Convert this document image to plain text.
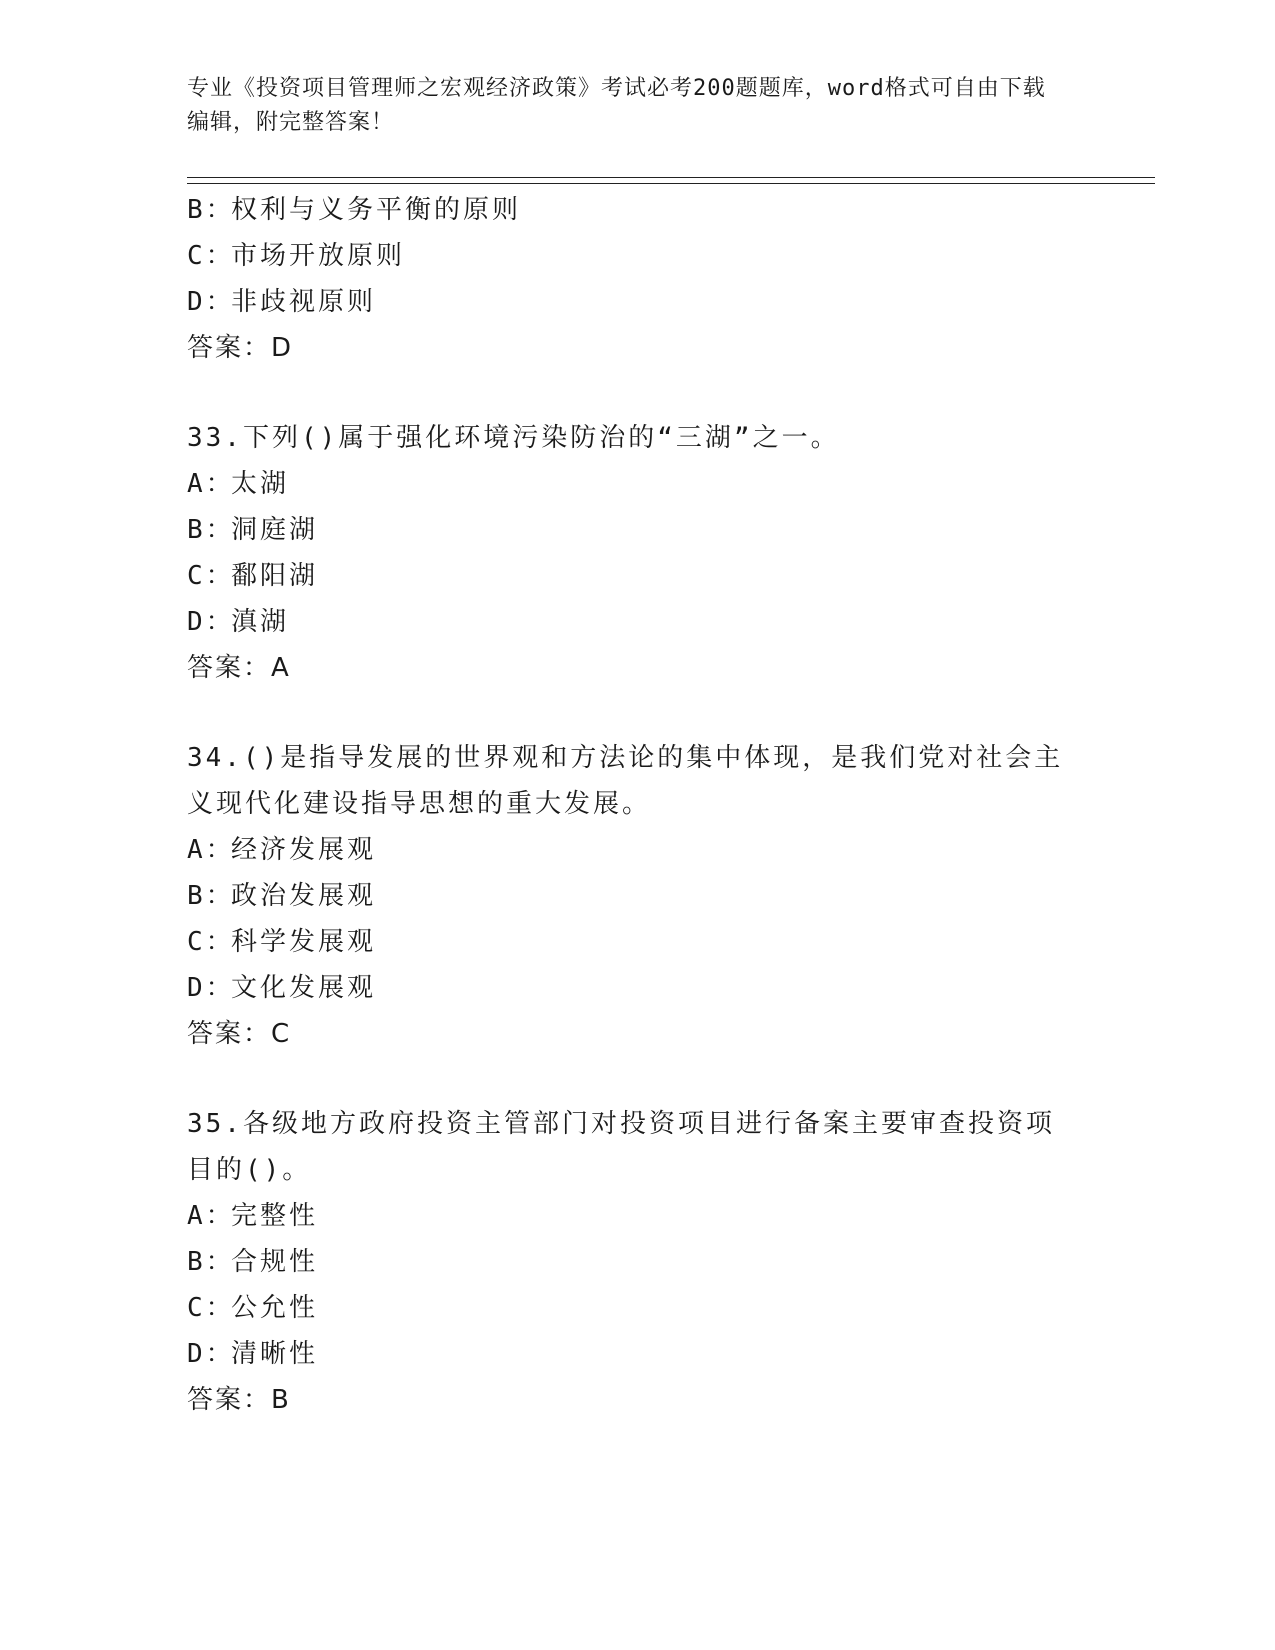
专业《投资项目管理师之宏观经济政策》考试必考200题题库，word格式可自由下载编辑，附完整答案！
B：权利与义务平衡的原则
C：市场开放原则
D：非歧视原则
答案：D
33.下列()属于强化环境污染防治的“三湖”之一。
A：太湖
B：洞庭湖
C：鄱阳湖
D：滇湖
答案：A
34.()是指导发展的世界观和方法论的集中体现，是我们党对社会主义现代化建设指导思想的重大发展。
A：经济发展观
B：政治发展观
C：科学发展观
D：文化发展观
答案：C
35.各级地方政府投资主管部门对投资项目进行备案主要审查投资项目的()。
A：完整性
B：合规性
C：公允性
D：清晰性
答案：B
